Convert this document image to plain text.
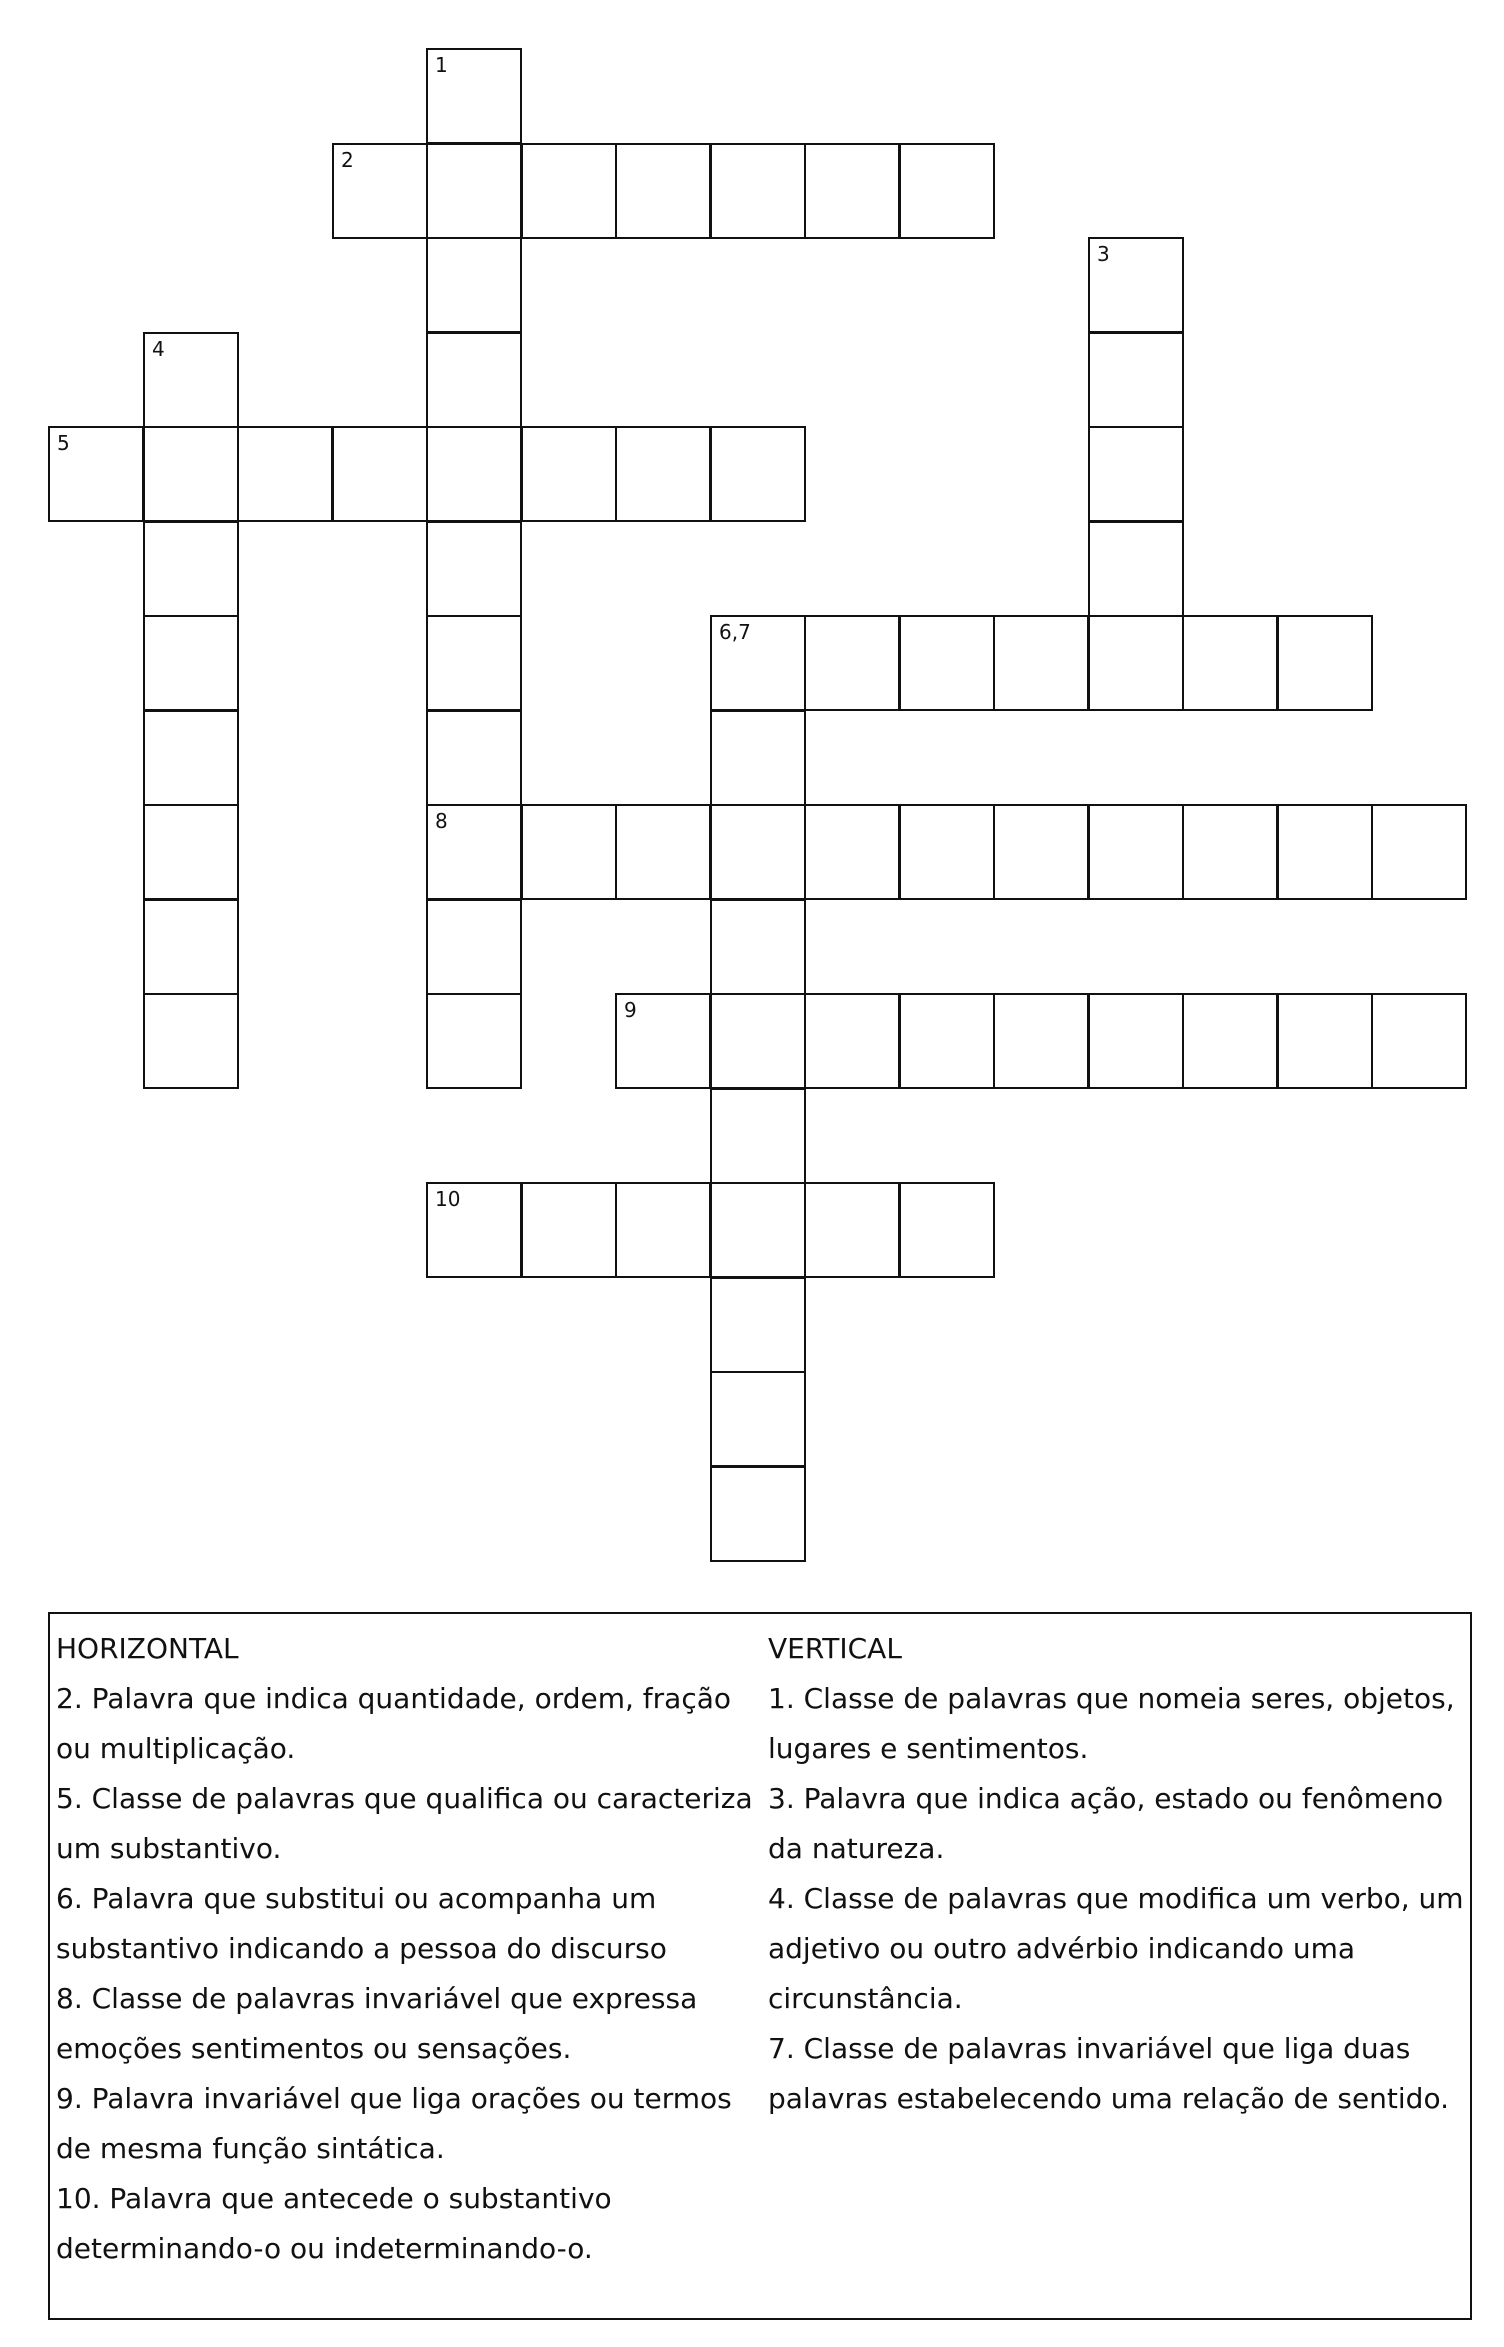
2
5
6,7
8
9
10
1
3
4

HORIZONTAL

2. Palavra que indica quantidade, ordem, fração ou multiplicação.

5. Classe de palavras que qualifica ou caracteriza um substantivo.

6. Palavra que substitui ou acompanha um substantivo indicando a pessoa do discurso

8. Classe de palavras invariável que expressa emoções sentimentos ou sensações.

9. Palavra invariável que liga orações ou termos de mesma função sintática.

10. Palavra que antecede o substantivo determinando-o ou indeterminando-o.

VERTICAL

1. Classe de palavras que nomeia seres, objetos, lugares e sentimentos.

3. Palavra que indica ação, estado ou fenômeno da natureza.

4. Classe de palavras que modifica um verbo, um adjetivo ou outro advérbio indicando uma circunstância.

7. Classe de palavras invariável que liga duas palavras estabelecendo uma relação de sentido.
